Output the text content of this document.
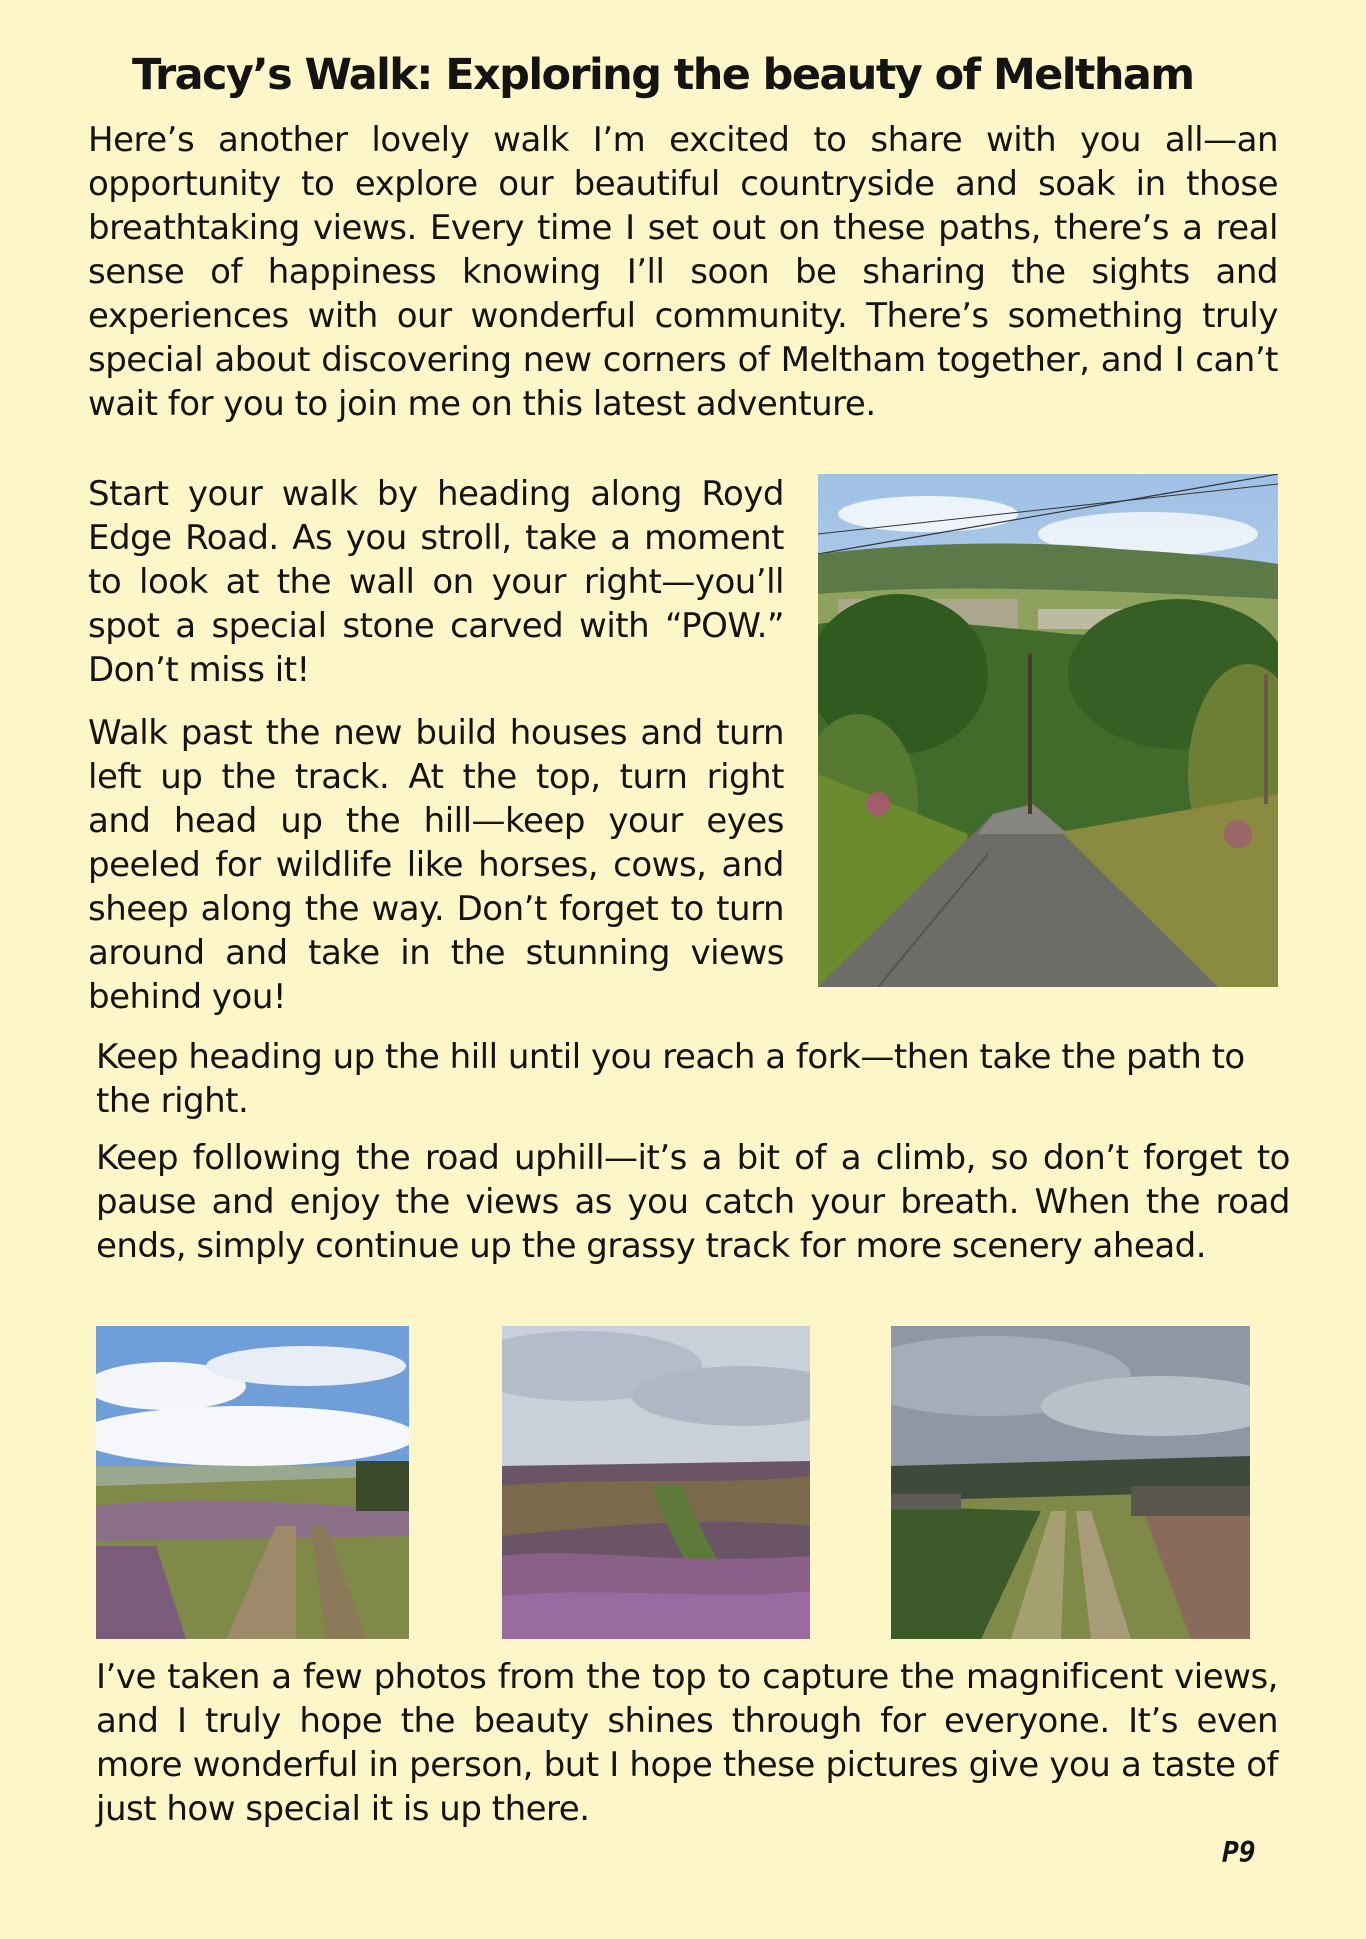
Tracy’s Walk: Exploring the beauty of Meltham

Here’s another lovely walk I’m excited to share with you all—an opportunity to explore our beautiful countryside and soak in those breathtaking views. Every time I set out on these paths, there’s a real sense of happiness knowing I’ll soon be sharing the sights and experiences with our wonderful community. There’s something truly special about discovering new corners of Meltham together, and I can’t wait for you to join me on this latest adventure.

Start your walk by heading along Royd Edge Road. As you stroll, take a moment to look at the wall on your right—you’ll spot a special stone carved with “POW.” Don’t miss it!

Walk past the new build houses and turn left up the track. At the top, turn right and head up the hill—keep your eyes peeled for wildlife like horses, cows, and sheep along the way. Don’t forget to turn around and take in the stunning views behind you!

Keep heading up the hill until you reach a fork—then take the path to the right.

Keep following the road uphill—it’s a bit of a climb, so don’t forget to pause and enjoy the views as you catch your breath. When the road ends, simply continue up the grassy track for more scenery ahead.

I’ve taken a few photos from the top to capture the magnificent views, and I truly hope the beauty shines through for everyone. It’s even more wonderful in person, but I hope these pictures give you a taste of just how special it is up there.

P9
